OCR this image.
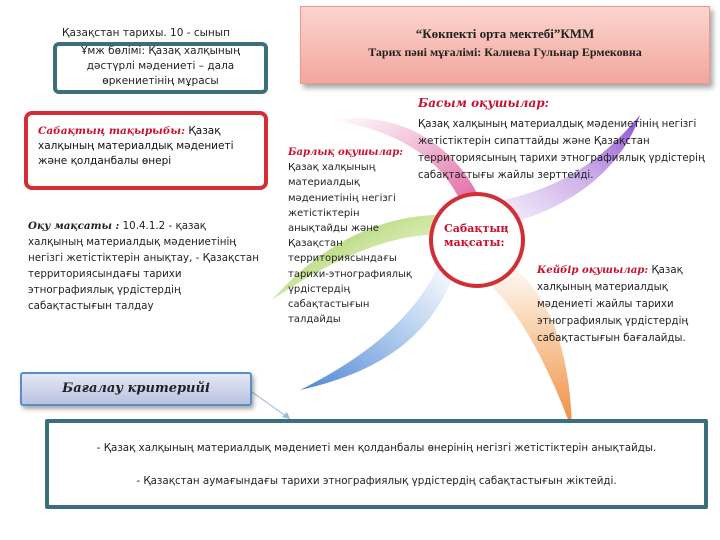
“Көкпекті орта мектебі”КММ
Тарих пәні мұғалімі: Калиева Гульнар Ермековна
Қазақстан тарихы. 10 - сынып
Ұмж бөлімі: Қазақ халқының дәстүрлі мәдениеті – дала өркениетінің мұрасы
Сабақтың тақырыбы: Қазақ халқының материалдық мәдениеті және қолданбалы өнері
Оқу мақсаты : 10.4.1.2 - қазақ халқының материалдық мәдениетінің негізгі жетістіктерін анықтау, - Қазақстан территориясындағы тарихи этнографиялық үрдістердің сабақтастығын талдау
Басым оқушылар:
Қазақ халқының материалдық мәдениетінің негізгі жетістіктерін сипаттайды және Қазақстан территориясының тарихи этнографиялық үрдістерің сабақтастығы жайлы зерттейді.
Барлық оқушылар: Қазақ халқының материалдық мәдениетінің негізгі жетістіктерін анықтайды және Қазақстан территориясындағы тарихи-этнографиялық үрдістердің сабақтастығын талдайды
Сабақтың мақсаты:
Кейбір оқушылар: Қазақ халқының материалдық мәдениеті жайлы тарихи этнографиялық үрдістердің сабақтастығын бағалайды.
Бағалау критерийі
- Қазақ халқының материалдық мәдениеті мен қолданбалы өнерінің негізгі жетістіктерін анықтайды.
- Қазақстан аумағындағы тарихи этнографиялық үрдістердің сабақтастығын жіктейді.
